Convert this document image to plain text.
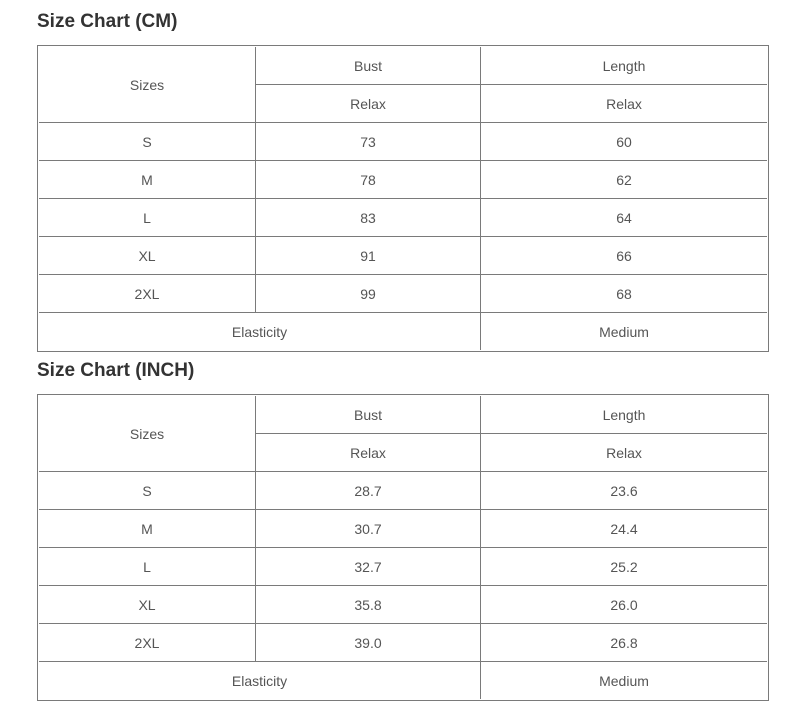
Size Chart (CM)
Sizes	Bust	Length
	Relax	Relax
S	73	60
M	78	62
L	83	64
XL	91	66
2XL	99	68
Elasticity		Medium
Size Chart (INCH)
Sizes	Bust	Length
	Relax	Relax
S	28.7	23.6
M	30.7	24.4
L	32.7	25.2
XL	35.8	26.0
2XL	39.0	26.8
Elasticity		Medium
